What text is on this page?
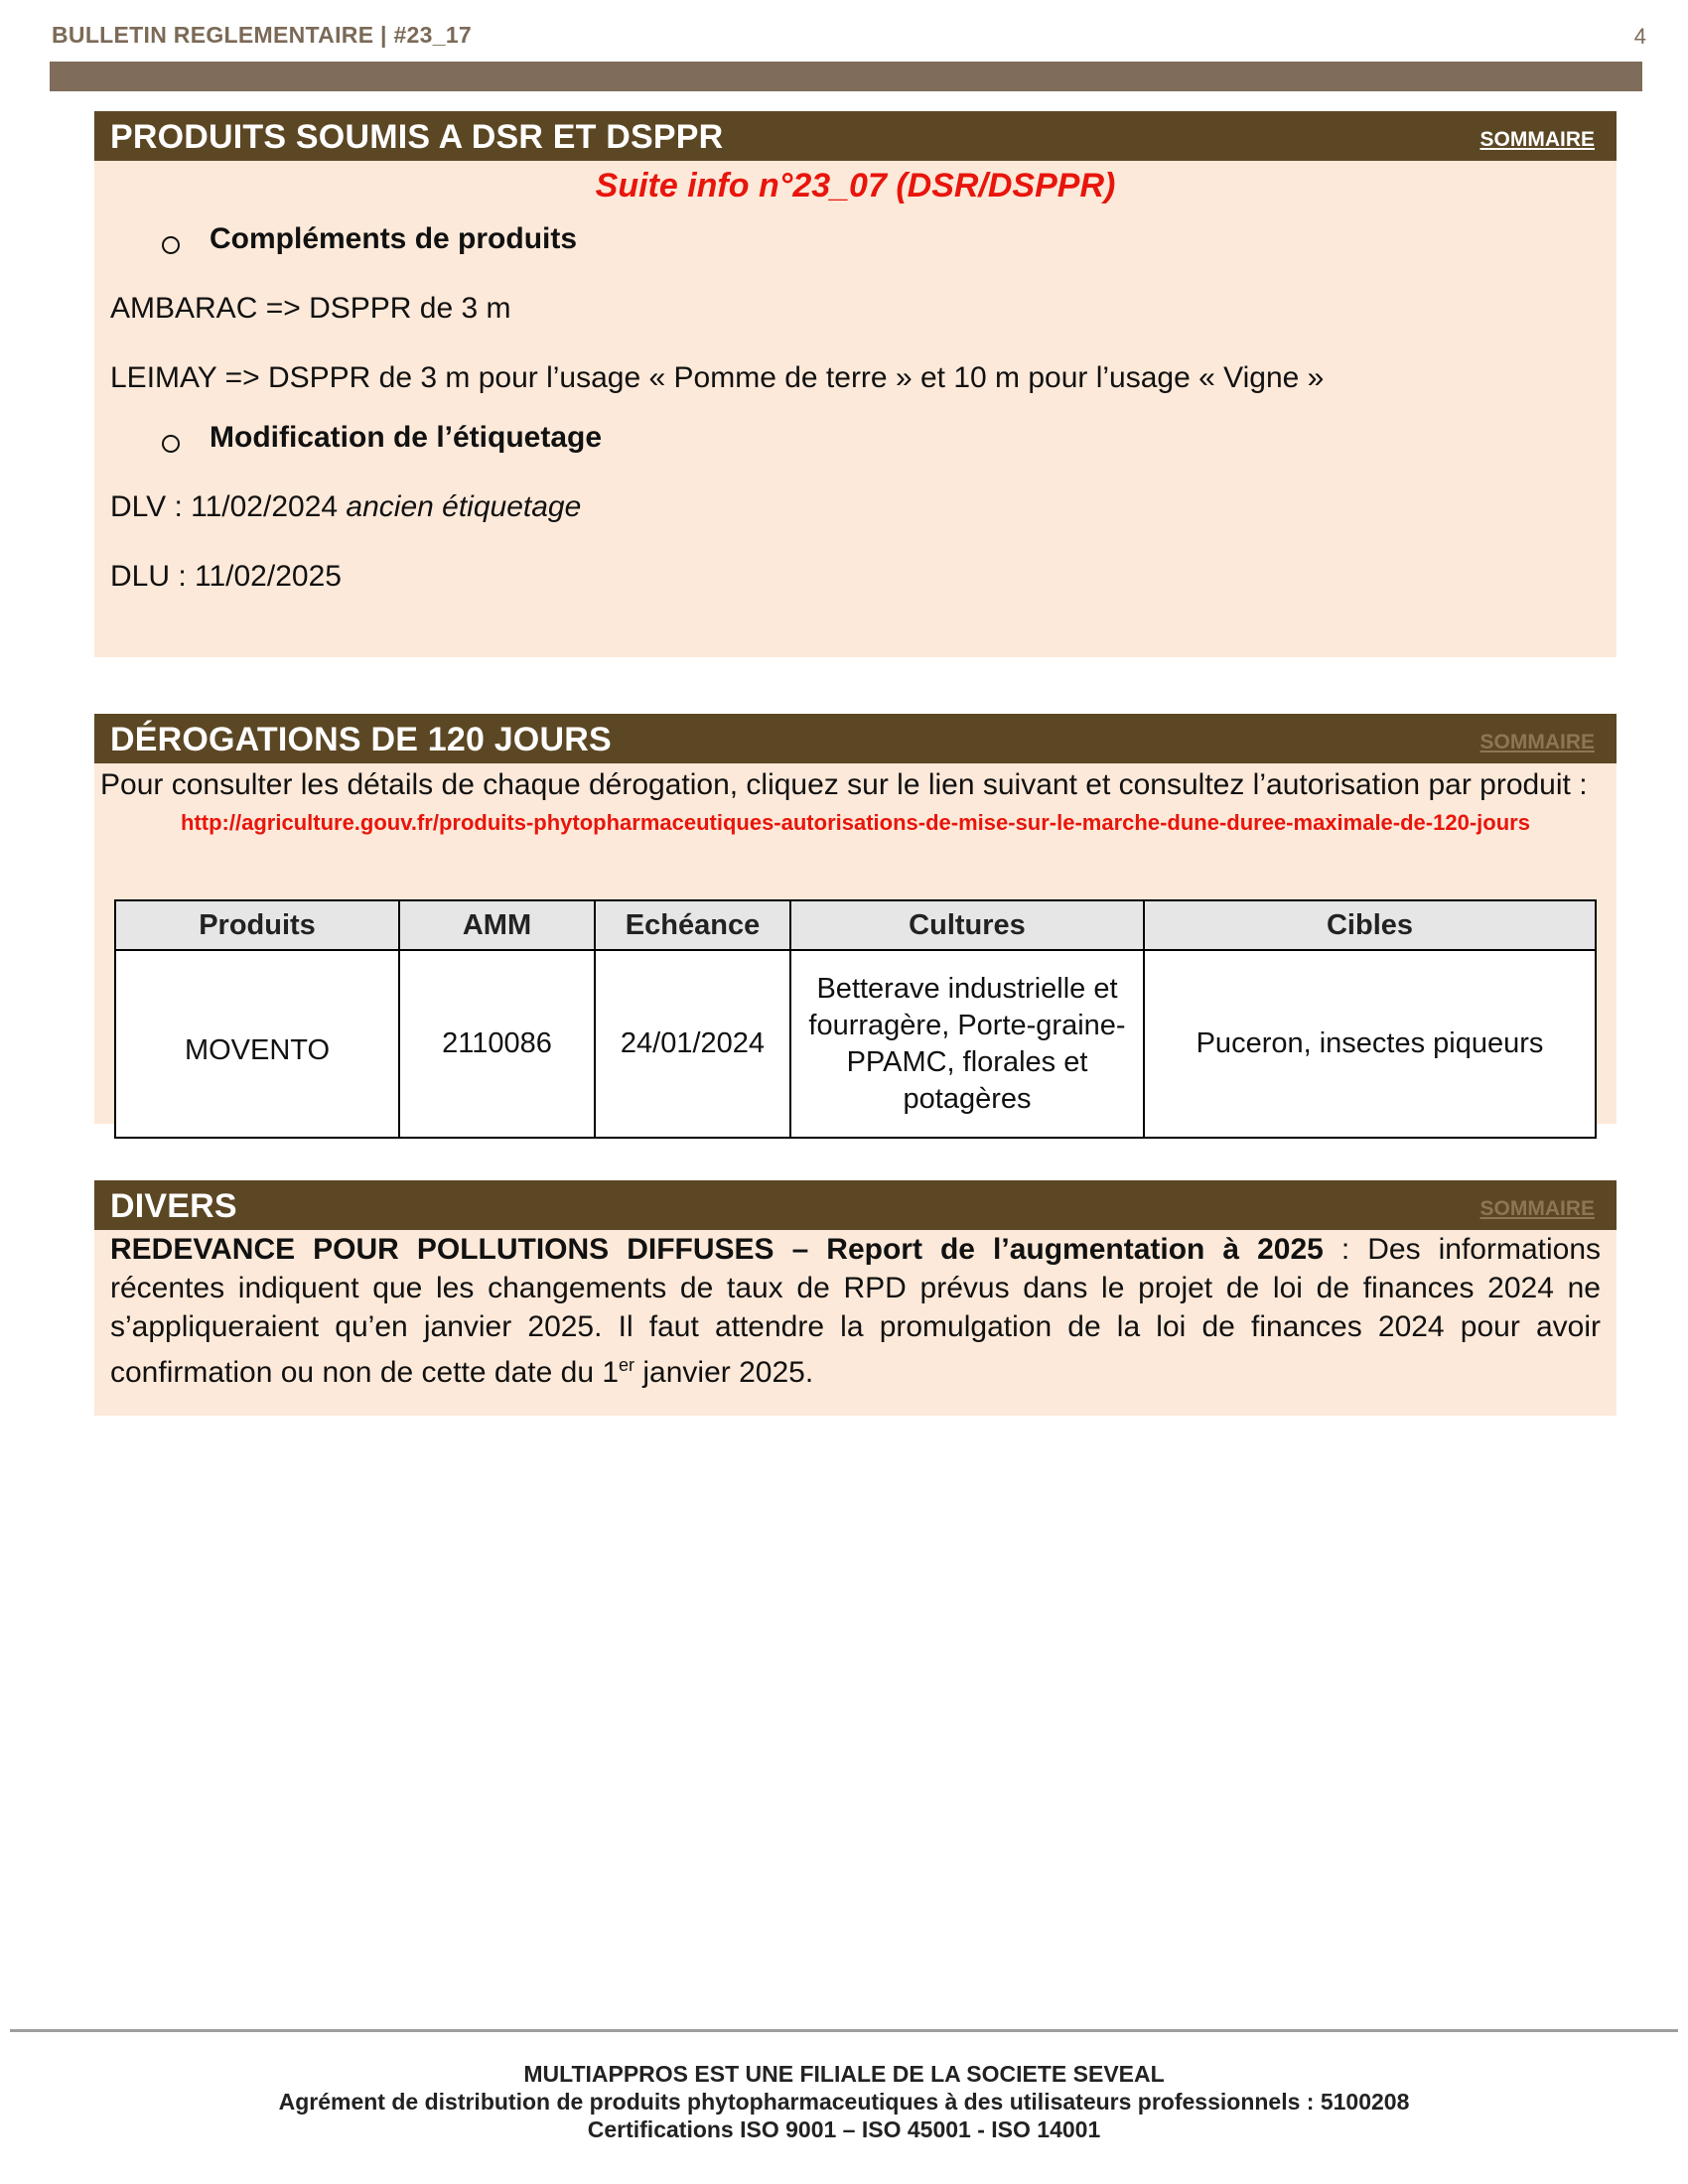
BULLETIN REGLEMENTAIRE | #23_17	4
PRODUITS SOUMIS A DSR ET DSPPR	SOMMAIRE
Suite info n°23_07 (DSR/DSPPR)
Compléments de produits
AMBARAC => DSPPR de 3 m
LEIMAY => DSPPR de 3 m pour l’usage « Pomme de terre » et 10 m pour l’usage « Vigne »
Modification de l’étiquetage
DLV : 11/02/2024 ancien étiquetage
DLU : 11/02/2025
DÉROGATIONS DE 120 JOURS	SOMMAIRE
Pour consulter les détails de chaque dérogation, cliquez sur le lien suivant et consultez l’autorisation par produit :
http://agriculture.gouv.fr/produits-phytopharmaceutiques-autorisations-de-mise-sur-le-marche-dune-duree-maximale-de-120-jours
Produits	AMM	Echéance	Cultures	Cibles
MOVENTO	2110086	24/01/2024	Betterave industrielle et fourragère, Porte-graine-PPAMC, florales et potagères	Puceron, insectes piqueurs
DIVERS	SOMMAIRE
REDEVANCE POUR POLLUTIONS DIFFUSES – Report de l’augmentation à 2025 : Des informations récentes indiquent que les changements de taux de RPD prévus dans le projet de loi de finances 2024 ne s’appliqueraient qu’en janvier 2025. Il faut attendre la promulgation de la loi de finances 2024 pour avoir confirmation ou non de cette date du 1er janvier 2025.
MULTIAPPROS EST UNE FILIALE DE LA SOCIETE SEVEAL
Agrément de distribution de produits phytopharmaceutiques à des utilisateurs professionnels : 5100208
Certifications ISO 9001 – ISO 45001 - ISO 14001
